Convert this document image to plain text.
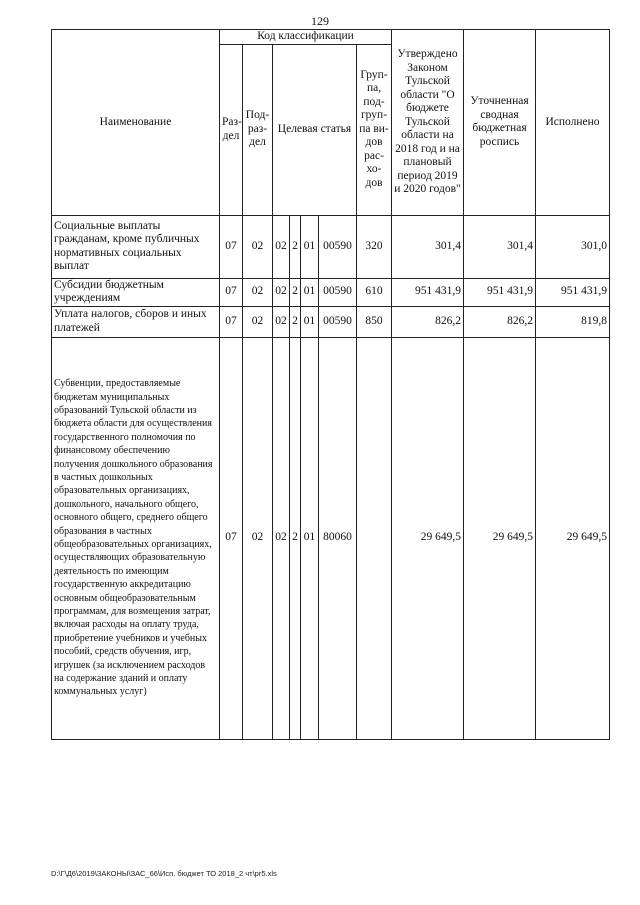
129
Наименование	Код классификации							Утверждено Законом Тульской области "О бюджете Тульской области на 2018 год и на плановый период 2019 и 2020 годов"	Уточненная сводная бюджетная роспись	Исполнено
	Раз-дел	Под-раз-дел	Целевая статья				Груп-па, под-груп-па ви-дов рас-хо-дов			
Социальные выплаты гражданам, кроме публичных нормативных социальных выплат	07	02	02	2	01	00590	320	301,4	301,4	301,0
Субсидии бюджетным учреждениям	07	02	02	2	01	00590	610	951 431,9	951 431,9	951 431,9
Уплата налогов, сборов и иных платежей	07	02	02	2	01	00590	850	826,2	826,2	819,8
Субвенции, предоставляемые бюджетам муниципальных образований Тульской области из бюджета области для осуществления государственного полномочия по финансовому обеспечению получения дошкольного образования в частных дошкольных образовательных организациях, дошкольного, начального общего, основного общего, среднего общего образования в частных общеобразовательных организациях, осуществляющих образовательную деятельность по имеющим государственную аккредитацию основным общеобразовательным программам, для возмещения затрат, включая расходы на оплату труда, приобретение учебников и учебных пособий, средств обучения, игр, игрушек (за исключением расходов на содержание зданий и оплату коммунальных услуг)	07	02	02	2	01	80060		29 649,5	29 649,5	29 649,5
D:\Г\Д6\2019\ЗАКОНЫ\ЗАС_66\Исп. бюджет ТО 2018_2 чт\pr5.xls
